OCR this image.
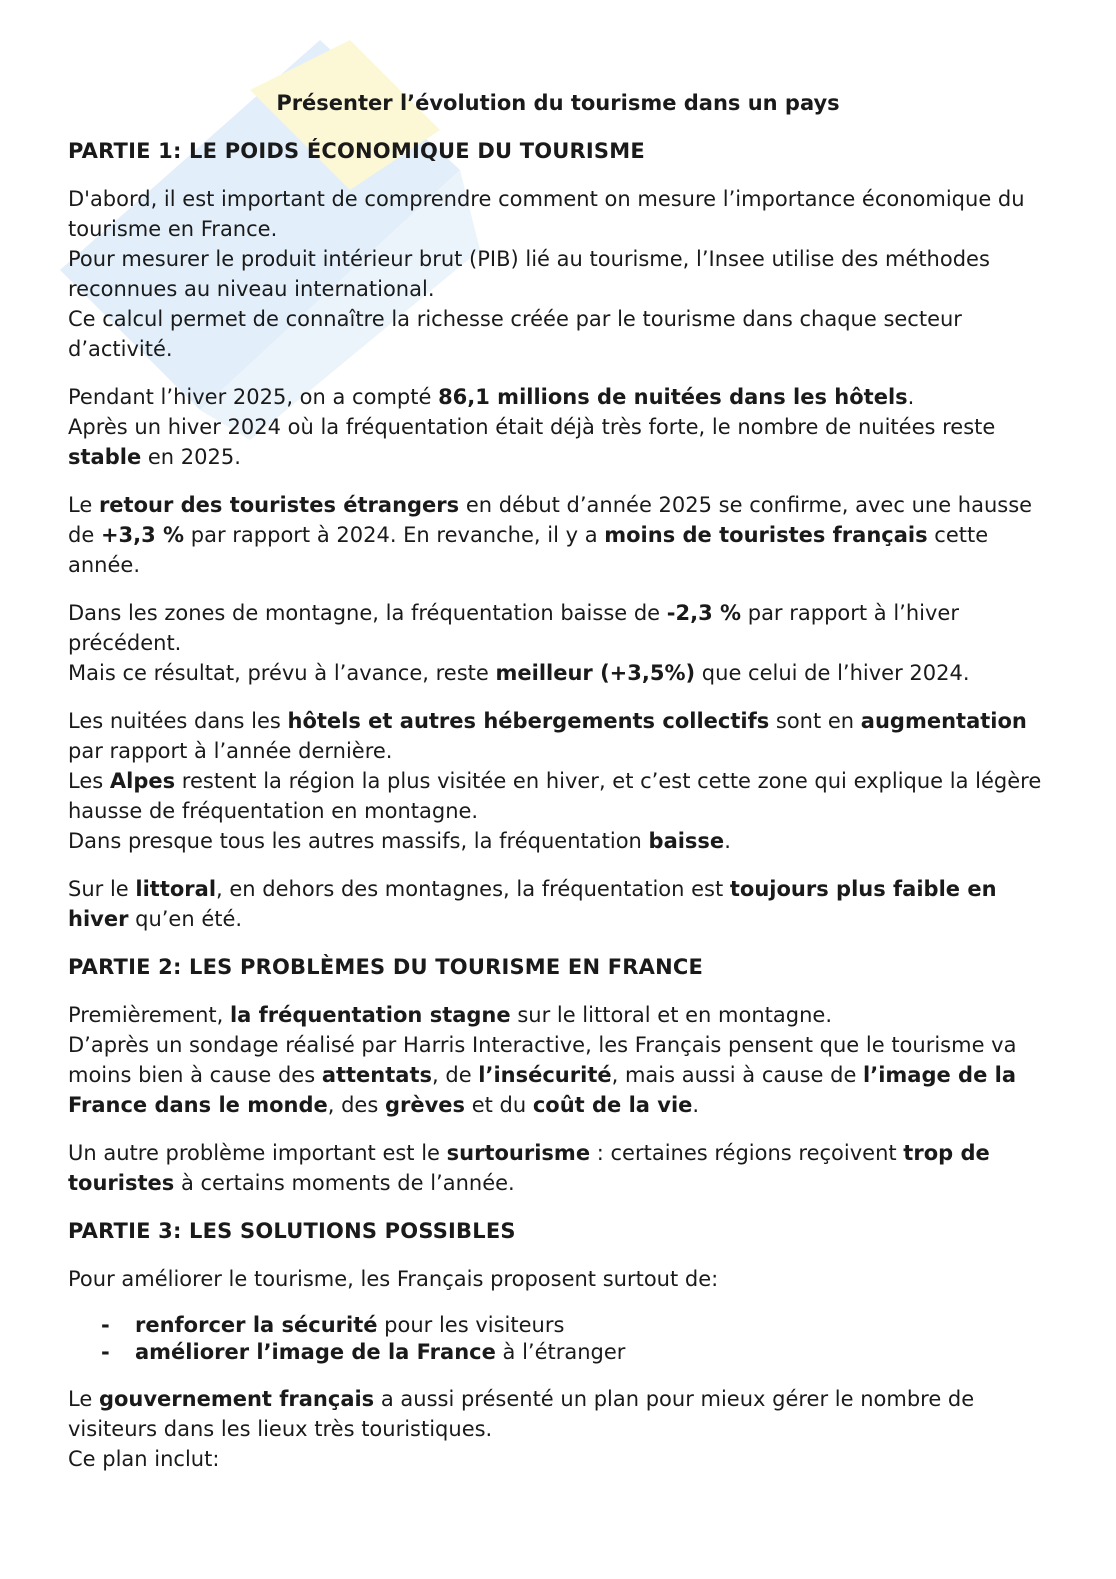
Présenter l’évolution du tourisme dans un pays
PARTIE 1: LE POIDS ÉCONOMIQUE DU TOURISME

D'abord, il est important de comprendre comment on mesure l’importance économique du tourisme en France.
Pour mesurer le produit intérieur brut (PIB) lié au tourisme, l’Insee utilise des méthodes reconnues au niveau international.
Ce calcul permet de connaître la richesse créée par le tourisme dans chaque secteur d’activité.

Pendant l’hiver 2025, on a compté 86,1 millions de nuitées dans les hôtels.
Après un hiver 2024 où la fréquentation était déjà très forte, le nombre de nuitées reste stable en 2025.

Le retour des touristes étrangers en début d’année 2025 se confirme, avec une hausse de +3,3 % par rapport à 2024. En revanche, il y a moins de touristes français cette année.

Dans les zones de montagne, la fréquentation baisse de -2,3 % par rapport à l’hiver précédent.
Mais ce résultat, prévu à l’avance, reste meilleur (+3,5%) que celui de l’hiver 2024.

Les nuitées dans les hôtels et autres hébergements collectifs sont en augmentation par rapport à l’année dernière.
Les Alpes restent la région la plus visitée en hiver, et c’est cette zone qui explique la légère hausse de fréquentation en montagne.
Dans presque tous les autres massifs, la fréquentation baisse.

Sur le littoral, en dehors des montagnes, la fréquentation est toujours plus faible en hiver qu’en été.

PARTIE 2: LES PROBLÈMES DU TOURISME EN FRANCE

Premièrement, la fréquentation stagne sur le littoral et en montagne.
D’après un sondage réalisé par Harris Interactive, les Français pensent que le tourisme va moins bien à cause des attentats, de l’insécurité, mais aussi à cause de l’image de la France dans le monde, des grèves et du coût de la vie.

Un autre problème important est le surtourisme : certaines régions reçoivent trop de touristes à certains moments de l’année.

PARTIE 3: LES SOLUTIONS POSSIBLES

Pour améliorer le tourisme, les Français proposent surtout de:

- renforcer la sécurité pour les visiteurs
- améliorer l’image de la France à l’étranger

Le gouvernement français a aussi présenté un plan pour mieux gérer le nombre de visiteurs dans les lieux très touristiques.
Ce plan inclut:
